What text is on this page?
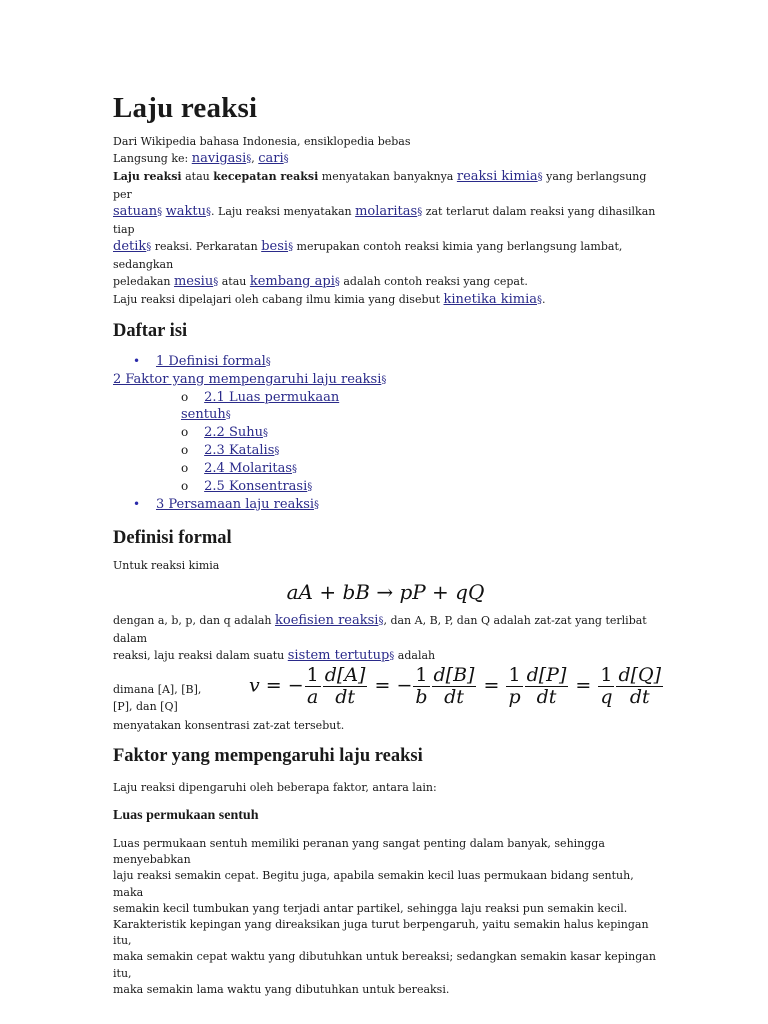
Laju reaksi
Dari Wikipedia bahasa Indonesia, ensiklopedia bebas
Langsung ke: navigasi§, cari§
Laju reaksi atau kecepatan reaksi menyatakan banyaknya reaksi kimia§ yang berlangsung per
satuan§ waktu§. Laju reaksi menyatakan molaritas§ zat terlarut dalam reaksi yang dihasilkan tiap
detik§ reaksi. Perkaratan besi§ merupakan contoh reaksi kimia yang berlangsung lambat, sedangkan
peledakan mesiu§ atau kembang api§ adalah contoh reaksi yang cepat.
Laju reaksi dipelajari oleh cabang ilmu kimia yang disebut kinetika kimia§.
Daftar isi
• 1 Definisi formal§
2 Faktor yang mempengaruhi laju reaksi§
o 2.1 Luas permukaan
sentuh§
o 2.2 Suhu§
o 2.3 Katalis§
o 2.4 Molaritas§
o 2.5 Konsentrasi§
• 3 Persamaan laju reaksi§
Definisi formal
Untuk reaksi kimia
aA + bB → pP + qQ
dengan a, b, p, dan q adalah koefisien reaksi§, dan A, B, P, dan Q adalah zat-zat yang terlibat dalam
reaksi, laju reaksi dalam suatu sistem tertutup§ adalah
dimana [A], [B],
[P], dan [Q]
v = − $\frac{1}{a} \frac{d[A]}{dt}$ = − $\frac{1}{b} \frac{d[B]}{dt} = \frac{1}{p} \frac{d[P]}{dt} = \frac{1}{q} \frac{d[Q]}{dt}$
menyatakan konsentrasi zat-zat tersebut.
Faktor yang mempengaruhi laju reaksi
Laju reaksi dipengaruhi oleh beberapa faktor, antara lain:
Luas permukaan sentuh
Luas permukaan sentuh memiliki peranan yang sangat penting dalam banyak, sehingga menyebabkan
laju reaksi semakin cepat. Begitu juga, apabila semakin kecil luas permukaan bidang sentuh, maka
semakin kecil tumbukan yang terjadi antar partikel, sehingga laju reaksi pun semakin kecil.
Karakteristik kepingan yang direaksikan juga turut berpengaruh, yaitu semakin halus kepingan itu,
maka semakin cepat waktu yang dibutuhkan untuk bereaksi; sedangkan semakin kasar kepingan itu,
maka semakin lama waktu yang dibutuhkan untuk bereaksi.
